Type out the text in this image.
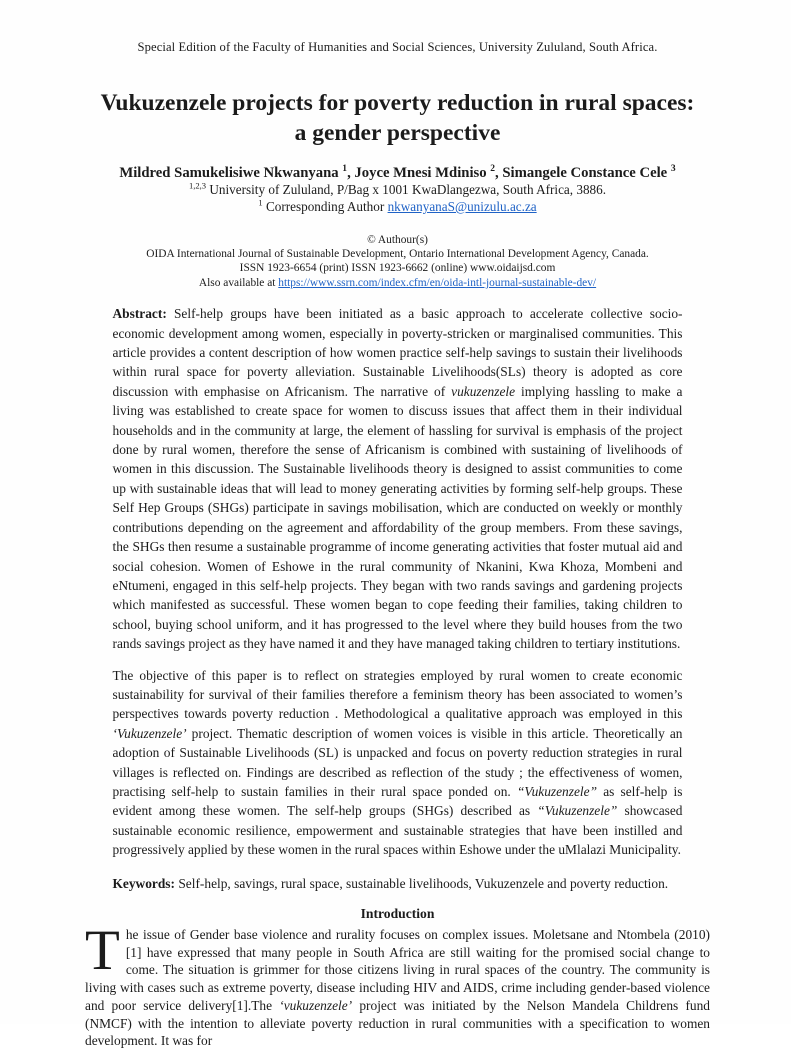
Special Edition of the Faculty of Humanities and Social Sciences, University Zululand, South Africa.
Vukuzenzele projects for poverty reduction in rural spaces:
a gender perspective
Mildred Samukelisiwe Nkwanyana $^1$, Joyce Mnesi Mdiniso $^2$, Simangele Constance Cele $^3$
$^{1,2,3}$ University of Zululand, P/Bag x 1001 KwaDlangezwa, South Africa, 3886.
$^1$ Corresponding Author nkwanyanaS@unizulu.ac.za
© Authour(s)
OIDA International Journal of Sustainable Development, Ontario International Development Agency, Canada.
ISSN 1923-6654 (print) ISSN 1923-6662 (online) www.oidaijsd.com
Also available at https://www.ssrn.com/index.cfm/en/oida-intl-journal-sustainable-dev/
Abstract: Self-help groups have been initiated as a basic approach to accelerate collective socio-economic development among women, especially in poverty-stricken or marginalised communities. This article provides a content description of how women practice self-help savings to sustain their livelihoods within rural space for poverty alleviation. Sustainable Livelihoods(SLs) theory is adopted as core discussion with emphasise on Africanism. The narrative of vukuzenzele implying hassling to make a living was established to create space for women to discuss issues that affect them in their individual households and in the community at large, the element of hassling for survival is emphasis of the project done by rural women, therefore the sense of Africanism is combined with sustaining of livelihoods of women in this discussion. The Sustainable livelihoods theory is designed to assist communities to come up with sustainable ideas that will lead to money generating activities by forming self-help groups. These Self Hep Groups (SHGs) participate in savings mobilisation, which are conducted on weekly or monthly contributions depending on the agreement and affordability of the group members. From these savings, the SHGs then resume a sustainable programme of income generating activities that foster mutual aid and social cohesion. Women of Eshowe in the rural community of Nkanini, Kwa Khoza, Mombeni and eNtumeni, engaged in this self-help projects. They began with two rands savings and gardening projects which manifested as successful. These women began to cope feeding their families, taking children to school, buying school uniform, and it has progressed to the level where they build houses from the two rands savings project as they have named it and they have managed taking children to tertiary institutions.
The objective of this paper is to reflect on strategies employed by rural women to create economic sustainability for survival of their families therefore a feminism theory has been associated to women’s perspectives towards poverty reduction . Methodological a qualitative approach was employed in this ‘Vukuzenzele’ project. Thematic description of women voices is visible in this article. Theoretically an adoption of Sustainable Livelihoods (SL) is unpacked and focus on poverty reduction strategies in rural villages is reflected on. Findings are described as reflection of the study ; the effectiveness of women, practising self-help to sustain families in their rural space ponded on. “Vukuzenzele” as self-help is evident among these women. The self-help groups (SHGs) described as “Vukuzenzele” showcased sustainable economic resilience, empowerment and sustainable strategies that have been instilled and progressively applied by these women in the rural spaces within Eshowe under the uMlalazi Municipality.
Keywords: Self-help, savings, rural space, sustainable livelihoods, Vukuzenzele and poverty reduction.
Introduction
The issue of Gender base violence and rurality focuses on complex issues. Moletsane and Ntombela (2010) [1] have expressed that many people in South Africa are still waiting for the promised social change to come. The situation is grimmer for those citizens living in rural spaces of the country. The community is living with cases such as extreme poverty, disease including HIV and AIDS, crime including gender-based violence and poor service delivery[1].The ‘vukuzenzele’ project was initiated by the Nelson Mandela Childrens fund (NMCF) with the intention to alleviate poverty reduction in rural communities with a specification to women development. It was for
